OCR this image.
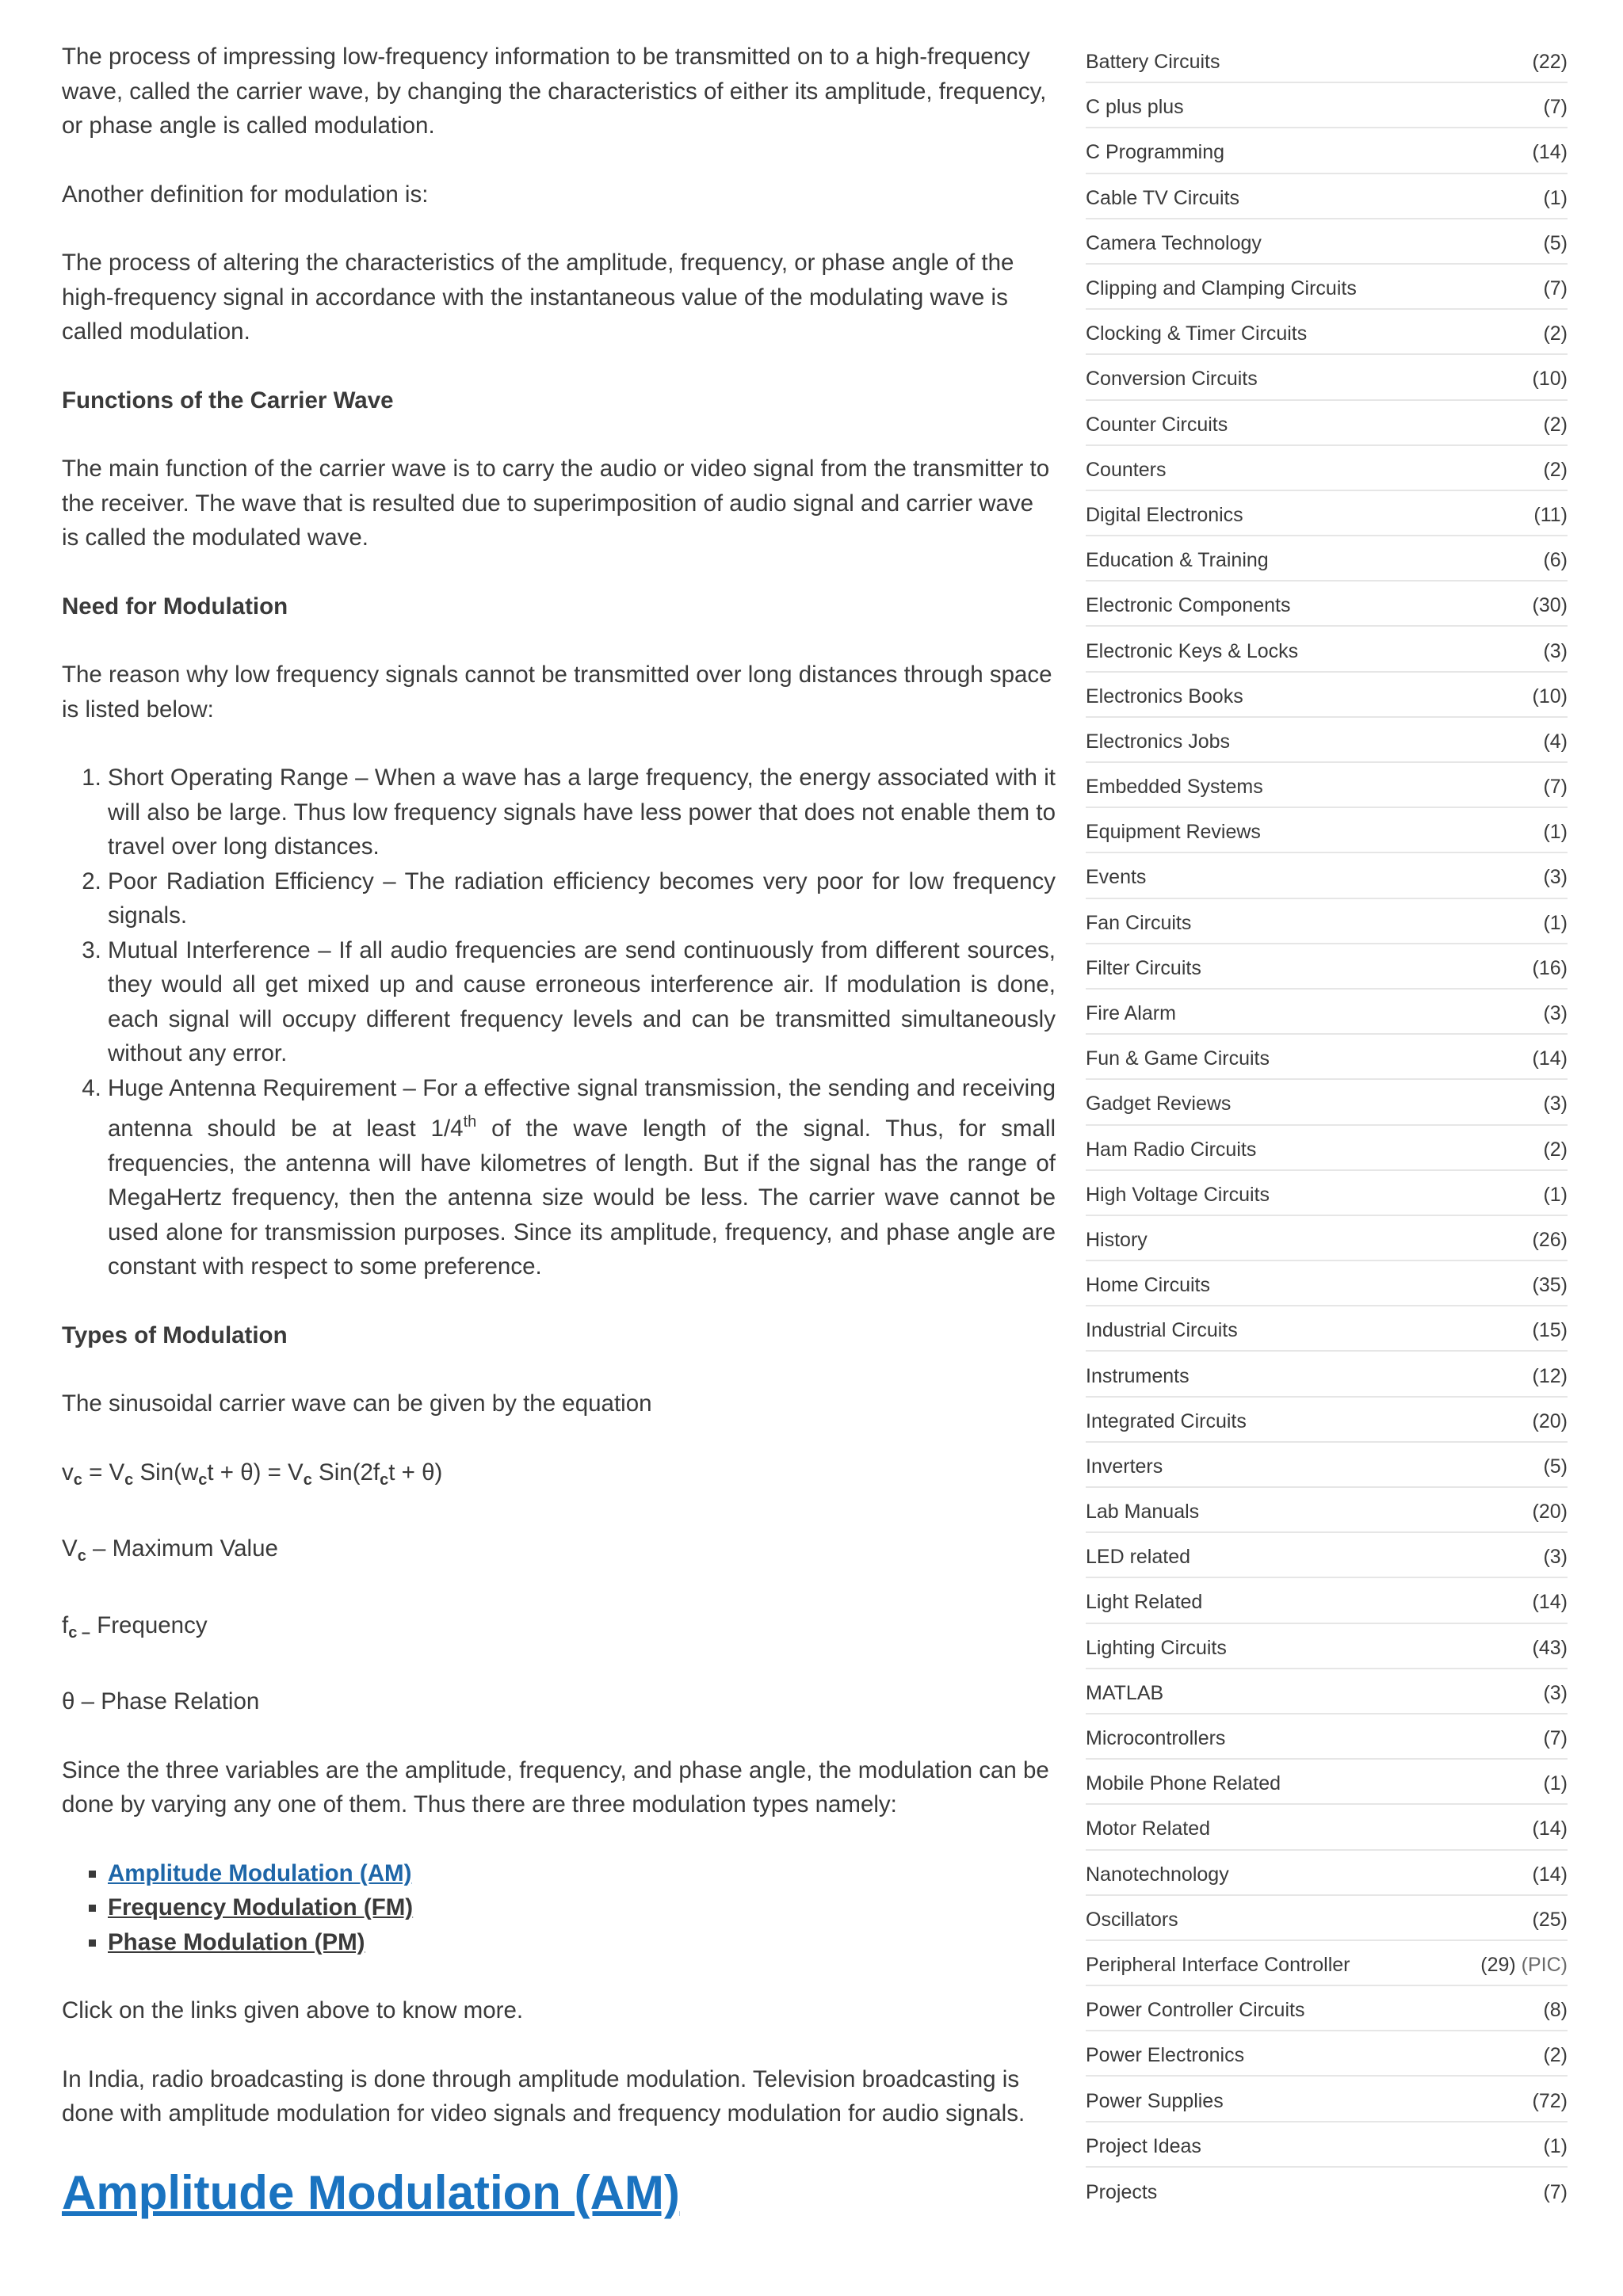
The process of impressing low-frequency information to be transmitted on to a high-frequency wave, called the carrier wave, by changing the characteristics of either its amplitude, frequency, or phase angle is called modulation.

Another definition for modulation is:

The process of altering the characteristics of the amplitude, frequency, or phase angle of the high-frequency signal in accordance with the instantaneous value of the modulating wave is called modulation.

Functions of the Carrier Wave

The main function of the carrier wave is to carry the audio or video signal from the transmitter to the receiver. The wave that is resulted due to superimposition of audio signal and carrier wave is called the modulated wave.

Need for Modulation

The reason why low frequency signals cannot be transmitted over long distances through space is listed below:

1. Short Operating Range – When a wave has a large frequency, the energy associated with it will also be large. Thus low frequency signals have less power that does not enable them to travel over long distances.
2. Poor Radiation Efficiency – The radiation efficiency becomes very poor for low frequency signals.
3. Mutual Interference – If all audio frequencies are send continuously from different sources, they would all get mixed up and cause erroneous interference air. If modulation is done, each signal will occupy different frequency levels and can be transmitted simultaneously without any error.
4. Huge Antenna Requirement – For a effective signal transmission, the sending and receiving antenna should be at least 1/4th of the wave length of the signal. Thus, for small frequencies, the antenna will have kilometres of length. But if the signal has the range of MegaHertz frequency, then the antenna size would be less. The carrier wave cannot be used alone for transmission purposes. Since its amplitude, frequency, and phase angle are constant with respect to some preference.
Types of Modulation

The sinusoidal carrier wave can be given by the equation

$v_c = V_c$ $Sin(w_ct + \theta) = V_c$ $Sin(2f_ct + \theta)$

$V_c$ – Maximum Value

$f_{c -}$ Frequency

θ – Phase Relation

Since the three variables are the amplitude, frequency, and phase angle, the modulation can be done by varying any one of them. Thus there are three modulation types namely:

▪ Amplitude Modulation (AM)
▪ Frequency Modulation (FM)
▪ Phase Modulation (PM)

Click on the links given above to know more.

In India, radio broadcasting is done through amplitude modulation. Television broadcasting is done with amplitude modulation for video signals and frequency modulation for audio signals.

Amplitude Modulation (AM)
Battery Circuits	(22)
C plus plus	(7)
C Programming	(14)
Cable TV Circuits	(1)
Camera Technology	(5)
Clipping and Clamping Circuits	(7)
Clocking & Timer Circuits	(2)
Conversion Circuits	(10)
Counter Circuits	(2)
Counters	(2)
Digital Electronics	(11)
Education & Training	(6)
Electronic Components	(30)
Electronic Keys & Locks	(3)
Electronics Books	(10)
Electronics Jobs	(4)
Embedded Systems	(7)
Equipment Reviews	(1)
Events	(3)
Fan Circuits	(1)
Filter Circuits	(16)
Fire Alarm	(3)
Fun & Game Circuits	(14)
Gadget Reviews	(3)
Ham Radio Circuits	(2)
High Voltage Circuits	(1)
History	(26)
Home Circuits	(35)
Industrial Circuits	(15)
Instruments	(12)
Integrated Circuits	(20)
Inverters	(5)
Lab Manuals	(20)
LED related	(3)
Light Related	(14)
Lighting Circuits	(43)
MATLAB	(3)
Microcontrollers	(7)
Mobile Phone Related	(1)
Motor Related	(14)
Nanotechnology	(14)
Oscillators	(25)
Peripheral Interface Controller	(29) (PIC)
Power Controller Circuits	(8)
Power Electronics	(2)
Power Supplies	(72)
Project Ideas	(1)
Projects	(7)
